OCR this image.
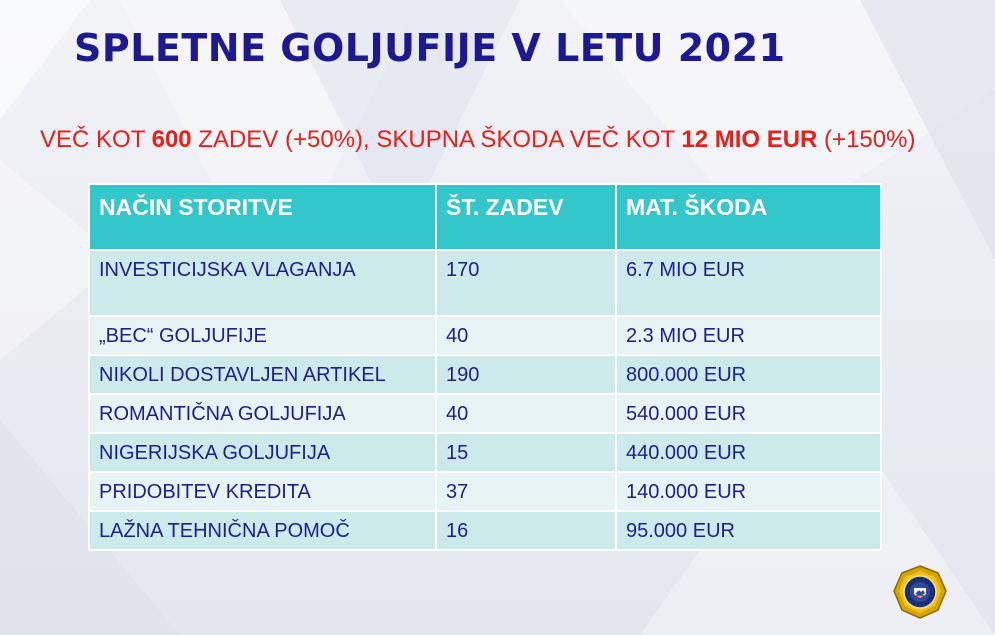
SPLETNE GOLJUFIJE V LETU 2021

VEČ KOT 600 ZADEV (+50%), SKUPNA ŠKODA VEČ KOT 12 MIO EUR (+150%)

NAČIN STORITVE	ŠT. ZADEV	MAT. ŠKODA
INVESTICIJSKA VLAGANJA	170	6.7 MIO EUR
„BEC“ GOLJUFIJE	40	2.3 MIO EUR
NIKOLI DOSTAVLJEN ARTIKEL	190	800.000 EUR
ROMANTIČNA GOLJUFIJA	40	540.000 EUR
NIGERIJSKA GOLJUFIJA	15	440.000 EUR
PRIDOBITEV KREDITA	37	140.000 EUR
LAŽNA TEHNIČNA POMOČ	16	95.000 EUR
